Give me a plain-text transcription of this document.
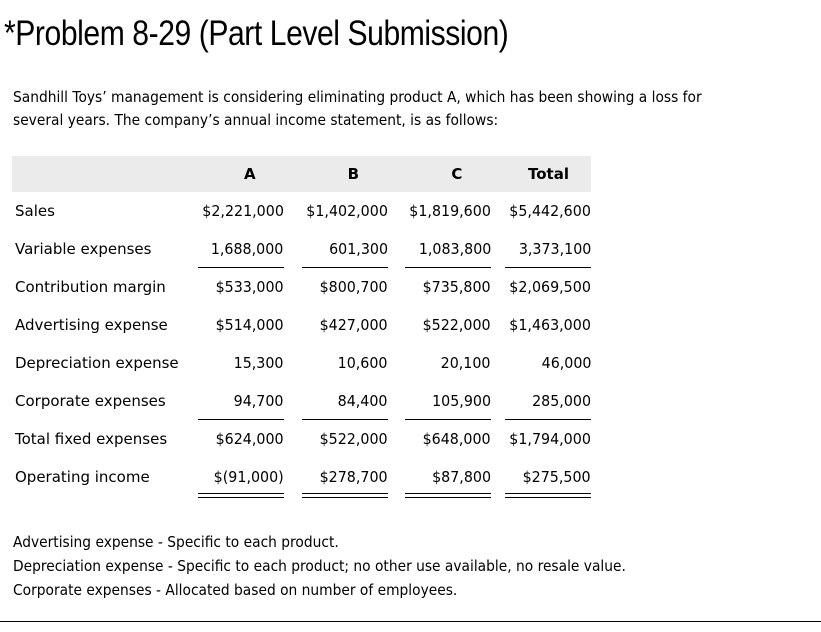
*Problem 8-29 (Part Level Submission)
Sandhill Toys’ management is considering eliminating product A, which has been showing a loss for several years. The company’s annual income statement, is as follows:
	A	B	C	Total
Sales	$2,221,000	$1,402,000	$1,819,600	$5,442,600
Variable expenses	1,688,000	601,300	1,083,800	3,373,100

Contribution margin	$533,000	$800,700	$735,800	$2,069,500
Advertising expense	$514,000	$427,000	$522,000	$1,463,000
Depreciation expense	15,300	10,600	20,100	46,000
Corporate expenses	94,700	84,400	105,900	285,000

Total fixed expenses	$624,000	$522,000	$648,000	$1,794,000
Operating income	$(91,000)	$278,700	$87,800	$275,500
Advertising expense - Specific to each product.
Depreciation expense - Specific to each product; no other use available, no resale value.
Corporate expenses - Allocated based on number of employees.
